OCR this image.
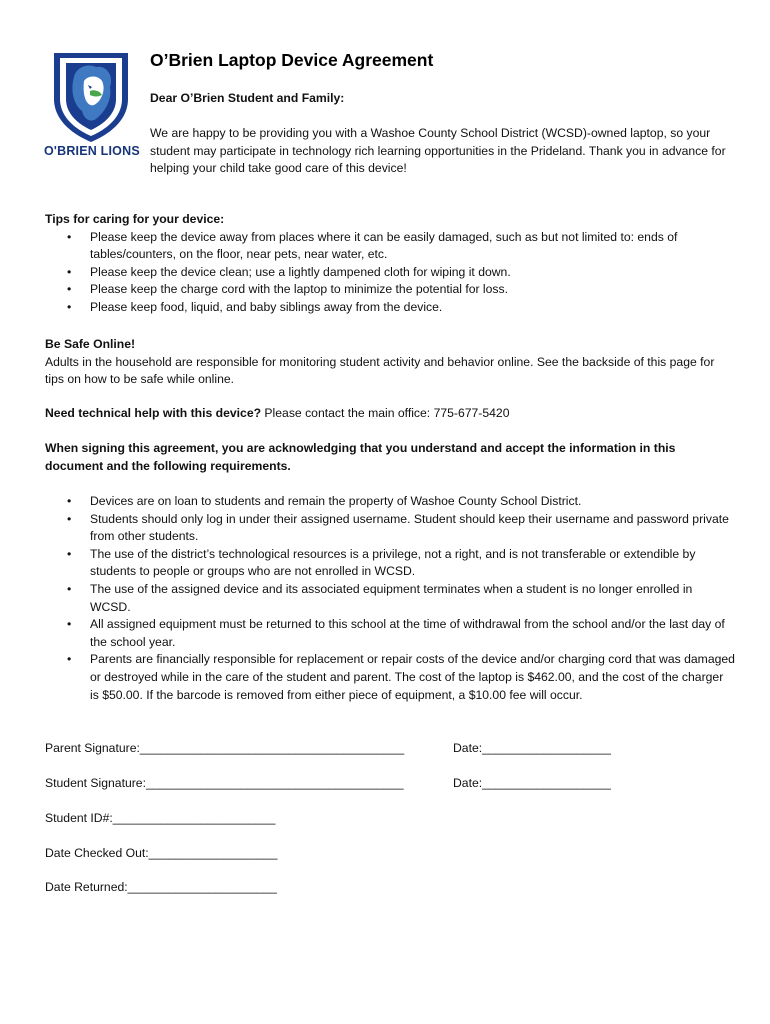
O'BRIEN LIONS
O’Brien Laptop Device Agreement
Dear O’Brien Student and Family:
We are happy to be providing you with a Washoe County School District (WCSD)-owned laptop, so your student may participate in technology rich learning opportunities in the Prideland. Thank you in advance for helping your child take good care of this device!

Tips for caring for your device:

• Please keep the device away from places where it can be easily damaged, such as but not limited to: ends of tables/counters, on the floor, near pets, near water, etc.
• Please keep the device clean; use a lightly dampened cloth for wiping it down.
• Please keep the charge cord with the laptop to minimize the potential for loss.
• Please keep food, liquid, and baby siblings away from the device.

Be Safe Online!

Adults in the household are responsible for monitoring student activity and behavior online. See the backside of this page for tips on how to be safe while online.

Need technical help with this device? Please contact the main office: 775-677-5420

When signing this agreement, you are acknowledging that you understand and accept the information in this document and the following requirements.

• Devices are on loan to students and remain the property of Washoe County School District.
• Students should only log in under their assigned username. Student should keep their username and password private from other students.
• The use of the district’s technological resources is a privilege, not a right, and is not transferable or extendible by students to people or groups who are not enrolled in WCSD.
• The use of the assigned device and its associated equipment terminates when a student is no longer enrolled in WCSD.
• All assigned equipment must be returned to this school at the time of withdrawal from the school and/or the last day of the school year.
• Parents are financially responsible for replacement or repair costs of the device and/or charging cord that was damaged or destroyed while in the care of the student and parent. The cost of the laptop is $462.00, and the cost of the charger is $50.00. If the barcode is removed from either piece of equipment, a $10.00 fee will occur.
Parent Signature:_______________________________________	Date:___________________
Student Signature:______________________________________	Date:___________________
Student ID#:________________________
Date Checked Out:___________________
Date Returned:______________________
